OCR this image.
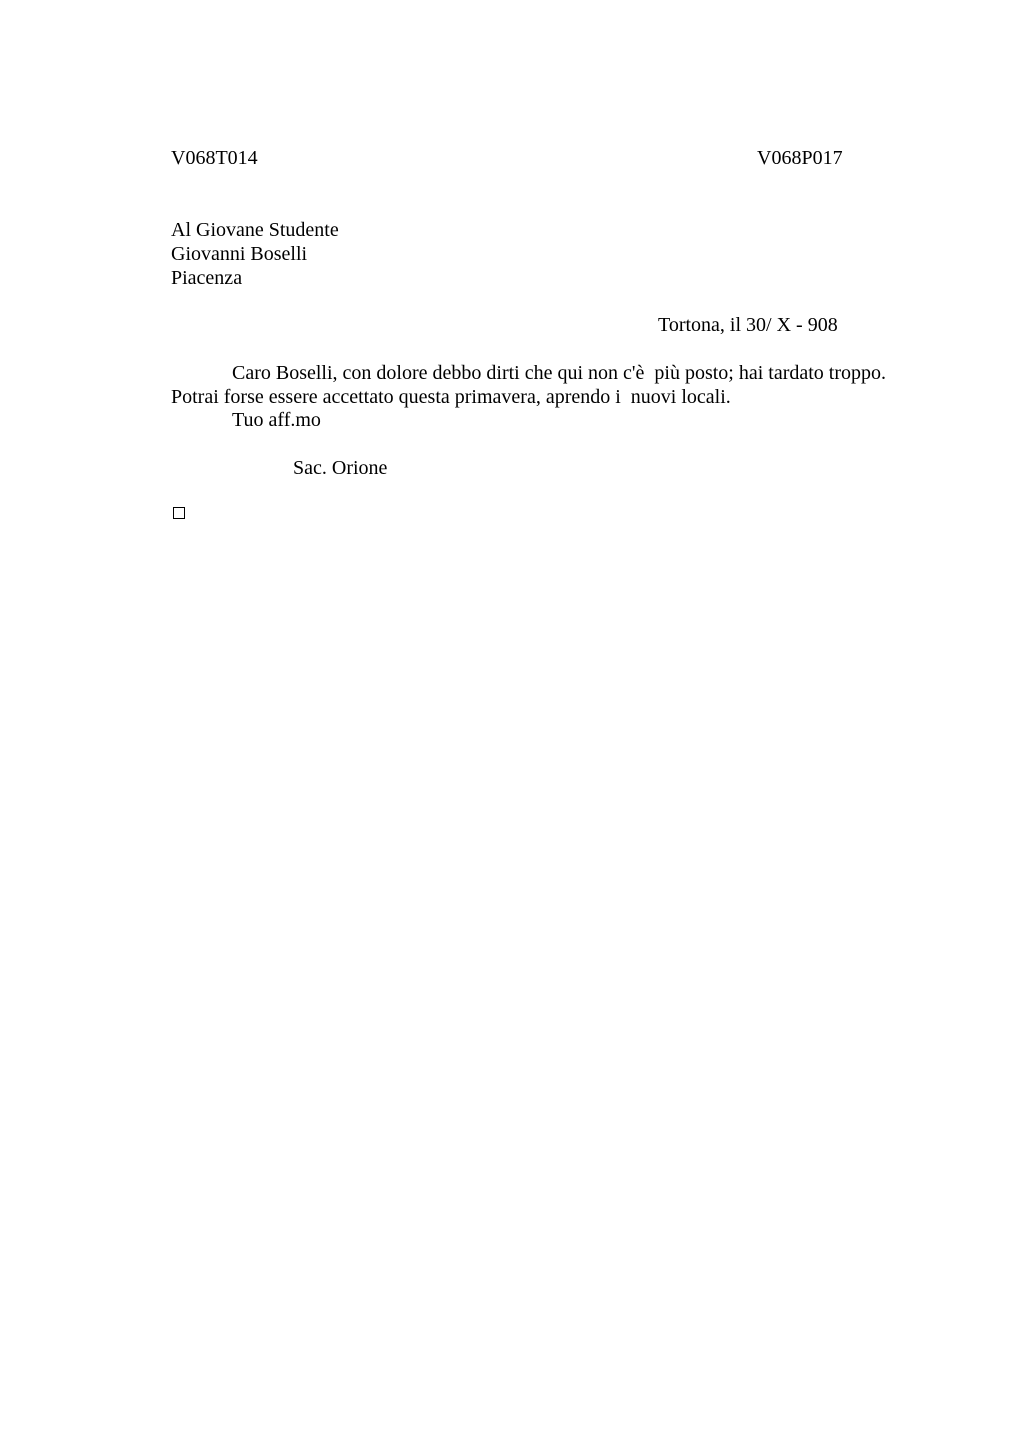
V068T014	V068P017
Al Giovane Studente
Giovanni Boselli
Piacenza
Tortona, il 30/ X - 908
Caro Boselli, con dolore debbo dirti che qui non c'è  più posto; hai tardato troppo.
Potrai forse essere accettato questa primavera, aprendo i  nuovi locali.
Tuo aff.mo
Sac. Orione
